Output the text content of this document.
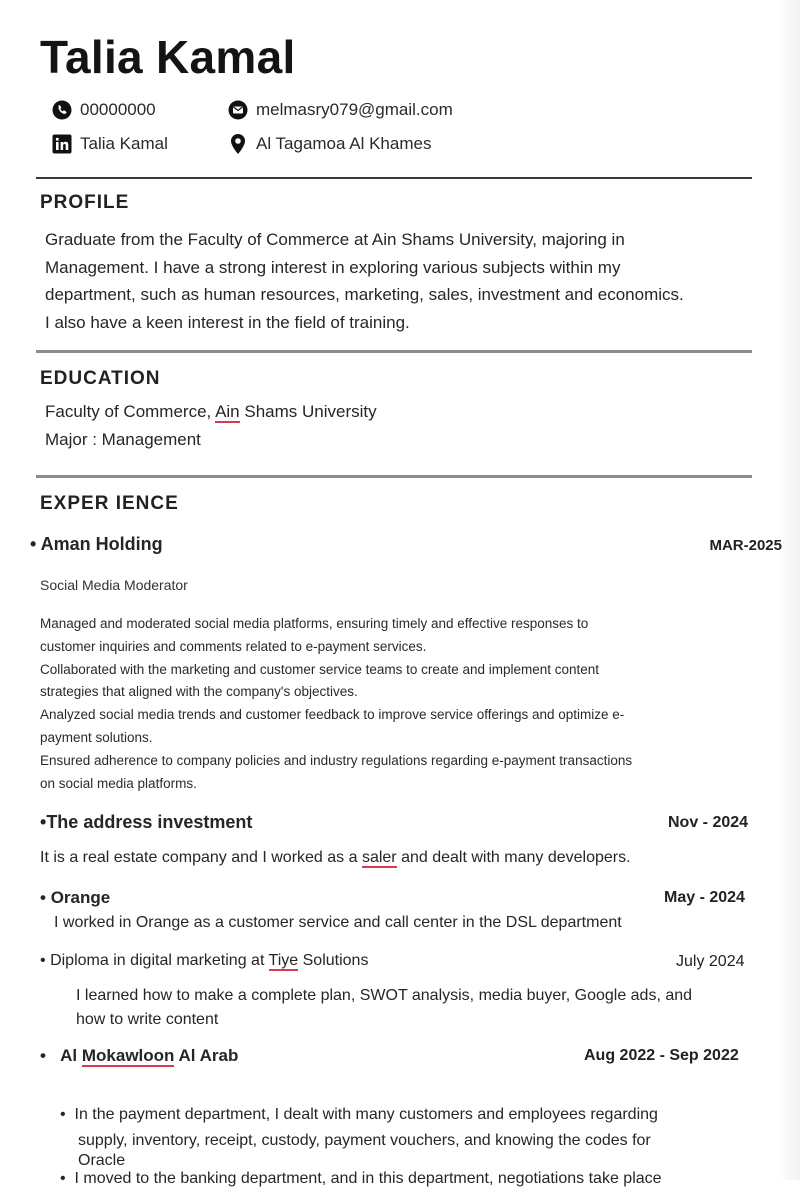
Talia Kamal
00000000	melmasry079@gmail.com
Talia Kamal	Al Tagamoa Al Khames
PROFILE
Graduate from the Faculty of Commerce at Ain Shams University, majoring in
Management. I have a strong interest in exploring various subjects within my
department, such as human resources, marketing, sales, investment and economics.
I also have a keen interest in the field of training.
EDUCATION
Faculty of Commerce, Ain Shams University
Major : Management
EXPER IENCE
• Aman Holding	MAR-2025
Social Media Moderator
Managed and moderated social media platforms, ensuring timely and effective responses to
customer inquiries and comments related to e-payment services.
Collaborated with the marketing and customer service teams to create and implement content
strategies that aligned with the company's objectives.
Analyzed social media trends and customer feedback to improve service offerings and optimize e-
payment solutions.
Ensured adherence to company policies and industry regulations regarding e-payment transactions
on social media platforms.
•The address investment	Nov - 2024
It is a real estate company and I worked as a saler and dealt with many developers.
• Orange	May - 2024
I worked in Orange as a customer service and call center in the DSL department
• Diploma in digital marketing at Tiye Solutions	July 2024
I learned how to make a complete plan, SWOT analysis, media buyer, Google ads, and
how to write content
• Al Mokawloon Al Arab	Aug 2022 - Sep 2022
•  In the payment department, I dealt with many customers and employees regarding
supply, inventory, receipt, custody, payment vouchers, and knowing the codes for
Oracle
•  I moved to the banking department, and in this department, negotiations take place
